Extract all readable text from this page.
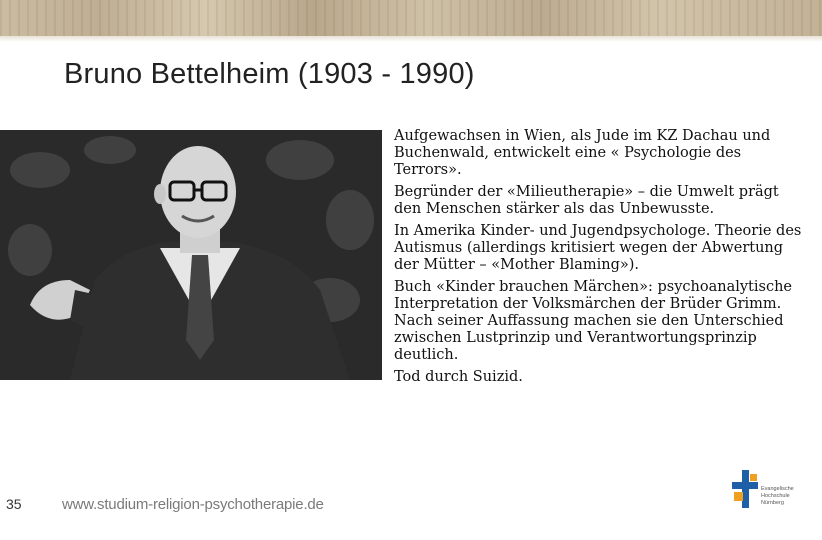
Bruno Bettelheim (1903 - 1990)

Aufgewachsen in Wien, als Jude im KZ Dachau und Buchenwald, entwickelt eine « Psychologie des Terrors».

Begründer der «Milieutherapie» – die Umwelt prägt den Menschen stärker als das Unbewusste.

In Amerika Kinder- und Jugendpsychologe. Theorie des Autismus (allerdings kritisiert wegen der Abwertung der Mütter – «Mother Blaming»).

Buch «Kinder brauchen Märchen»: psychoanalytische Interpretation der Volksmärchen der Brüder Grimm. Nach seiner Auffassung machen sie den Unterschied zwischen Lustprinzip und Verantwortungsprinzip deutlich.

Tod durch Suizid.

35	www.studium-religion-psychotherapie.de
Evangelische
Hochschule
Nürnberg
